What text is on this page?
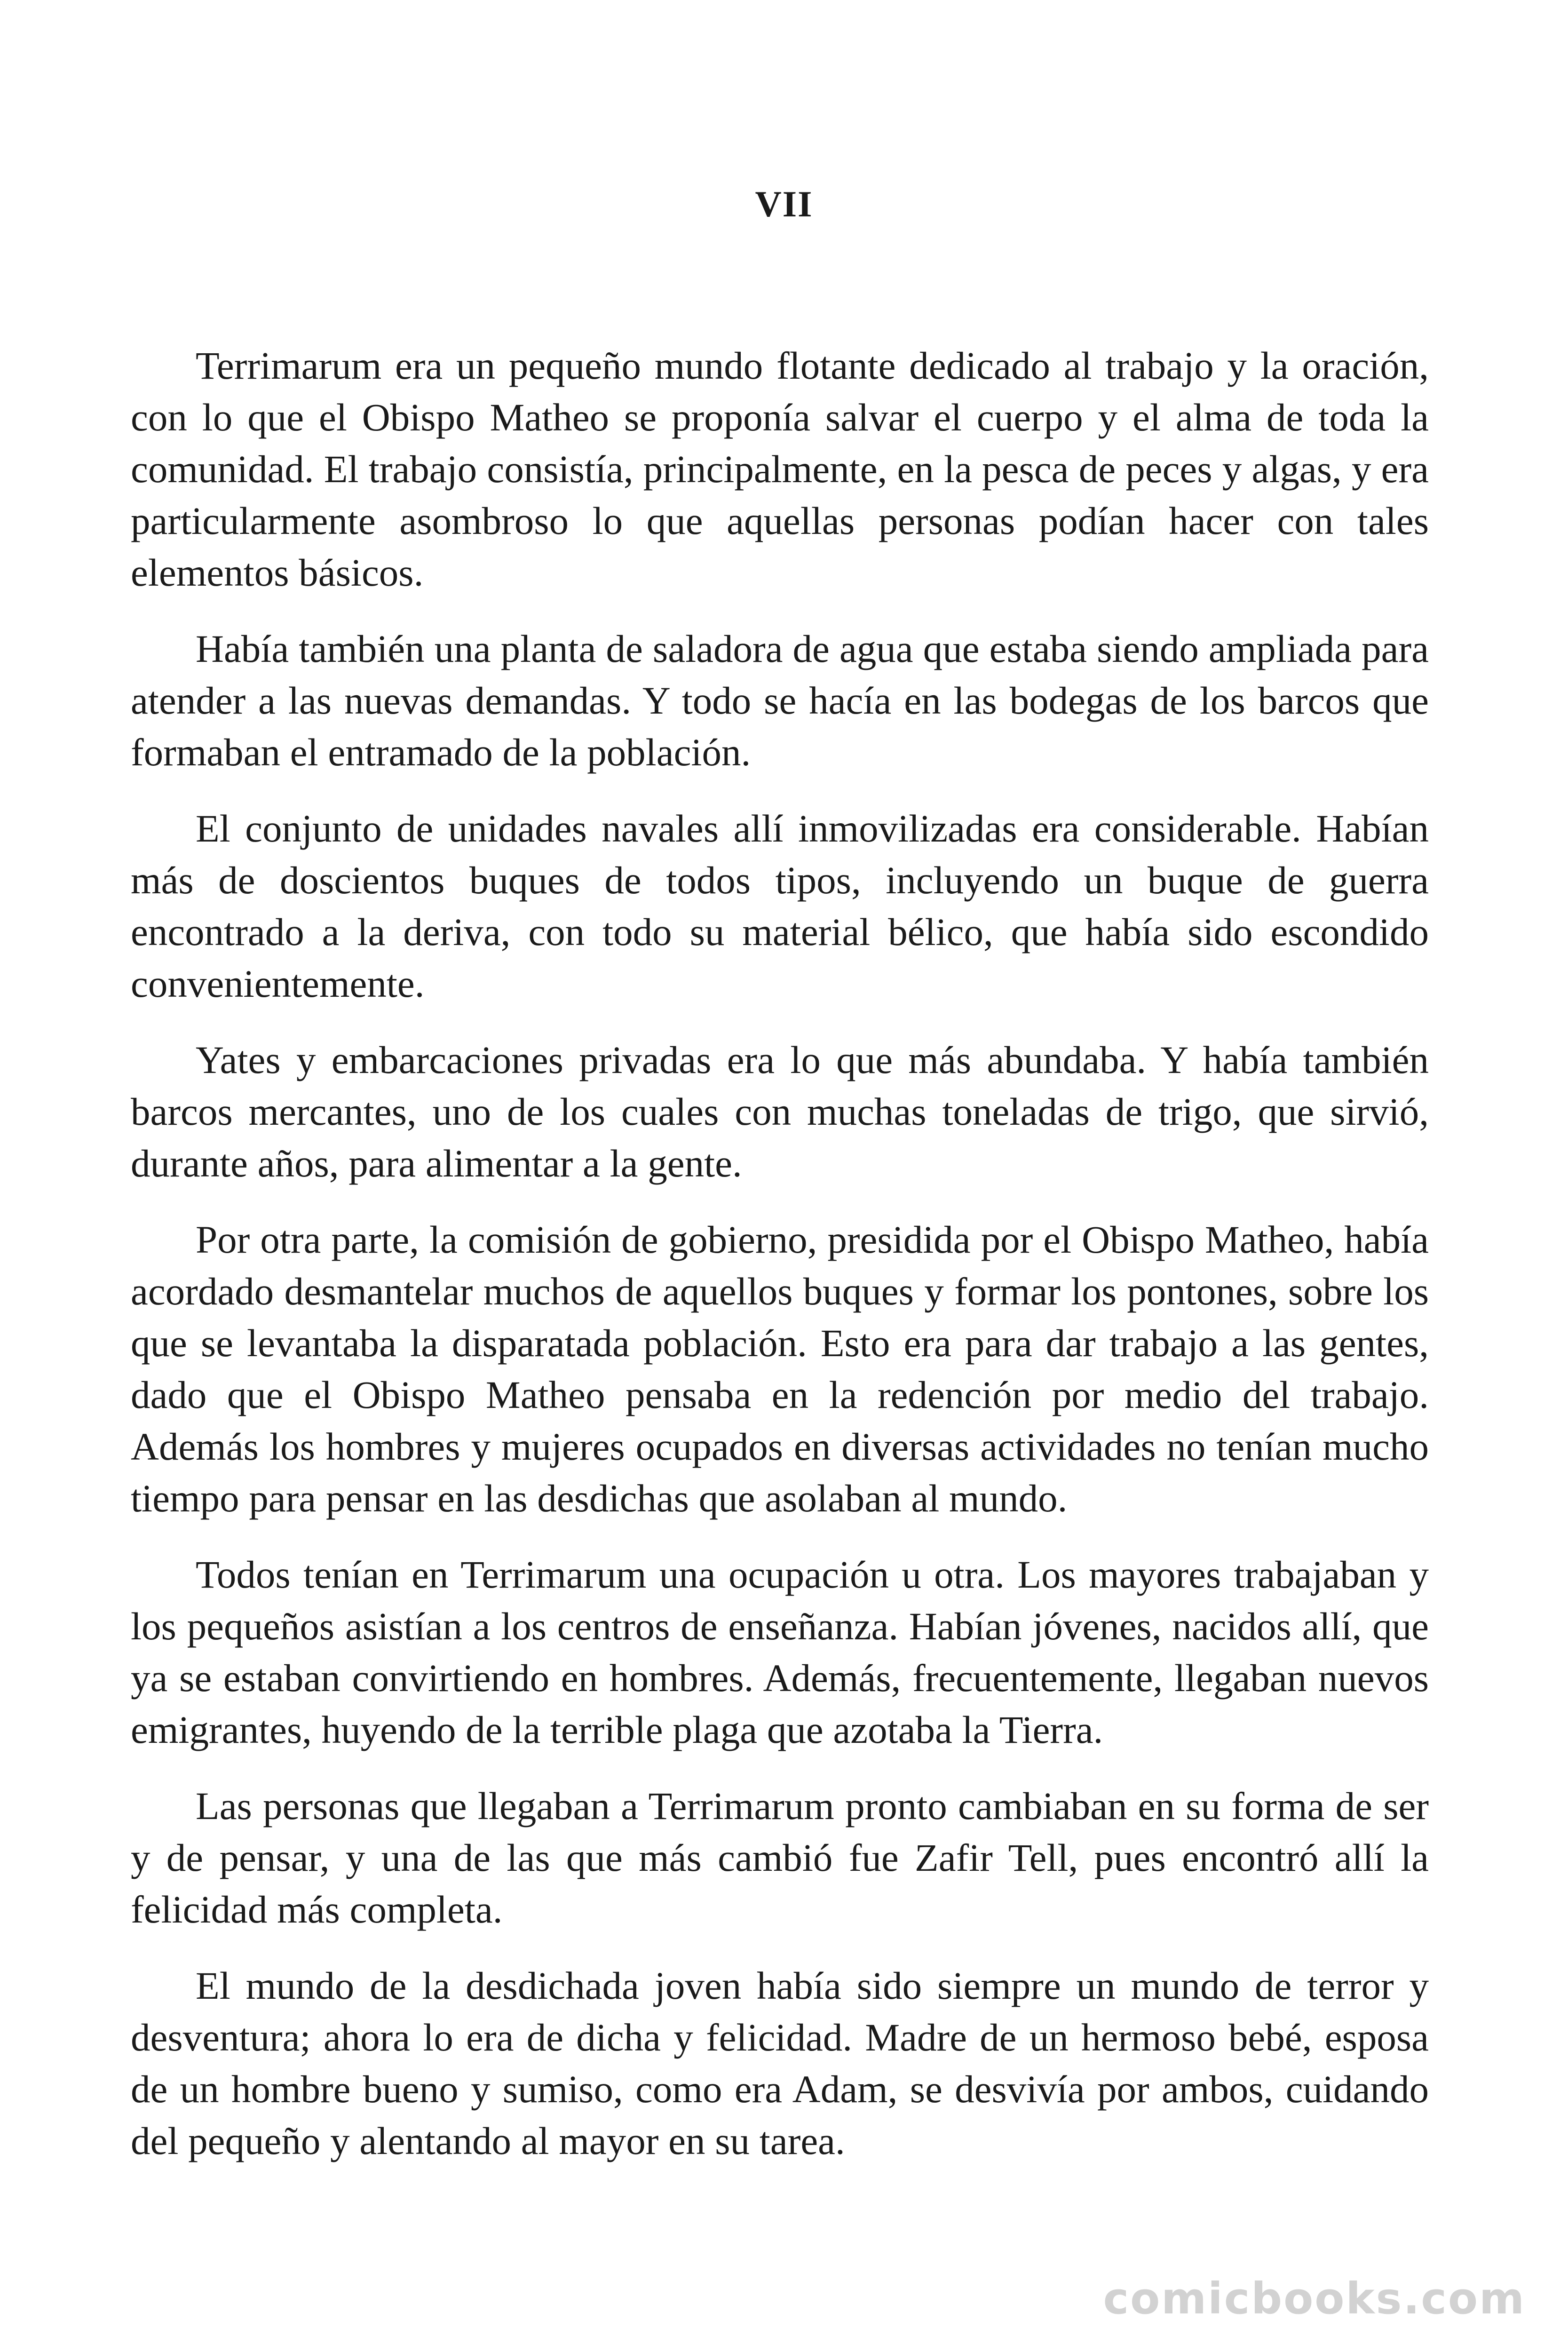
VII

Terrimarum era un pequeño mundo flotante dedicado al trabajo y la oración, con lo que el Obispo Matheo se proponía salvar el cuerpo y el alma de toda la comunidad. El trabajo consistía, principalmente, en la pesca de peces y algas, y era particularmente asombroso lo que aquellas personas podían hacer con tales elementos básicos.

Había también una planta de saladora de agua que estaba siendo ampliada para atender a las nuevas demandas. Y todo se hacía en las bodegas de los barcos que formaban el entramado de la población.

El conjunto de unidades navales allí inmovilizadas era considerable. Habían más de doscientos buques de todos tipos, incluyendo un buque de guerra encontrado a la deriva, con todo su material bélico, que había sido escondido convenientemente.

Yates y embarcaciones privadas era lo que más abundaba. Y había también barcos mercantes, uno de los cuales con muchas toneladas de trigo, que sirvió, durante años, para alimentar a la gente.

Por otra parte, la comisión de gobierno, presidida por el Obispo Matheo, había acordado desmantelar muchos de aquellos buques y formar los pontones, sobre los que se levantaba la disparatada población. Esto era para dar trabajo a las gentes, dado que el Obispo Matheo pensaba en la redención por medio del trabajo. Además los hombres y mujeres ocupados en diversas actividades no tenían mucho tiempo para pensar en las desdichas que asolaban al mundo.

Todos tenían en Terrimarum una ocupación u otra. Los mayores trabajaban y los pequeños asistían a los centros de enseñanza. Habían jóvenes, nacidos allí, que ya se estaban convirtiendo en hombres. Además, frecuentemente, llegaban nuevos emigrantes, huyendo de la terrible plaga que azotaba la Tierra.

Las personas que llegaban a Terrimarum pronto cambiaban en su forma de ser y de pensar, y una de las que más cambió fue Zafir Tell, pues encontró allí la felicidad más completa.

El mundo de la desdichada joven había sido siempre un mundo de terror y desventura; ahora lo era de dicha y felicidad. Madre de un hermoso bebé, esposa de un hombre bueno y sumiso, como era Adam, se desvivía por ambos, cuidando del pequeño y alentando al mayor en su tarea.

comicbooks.com
